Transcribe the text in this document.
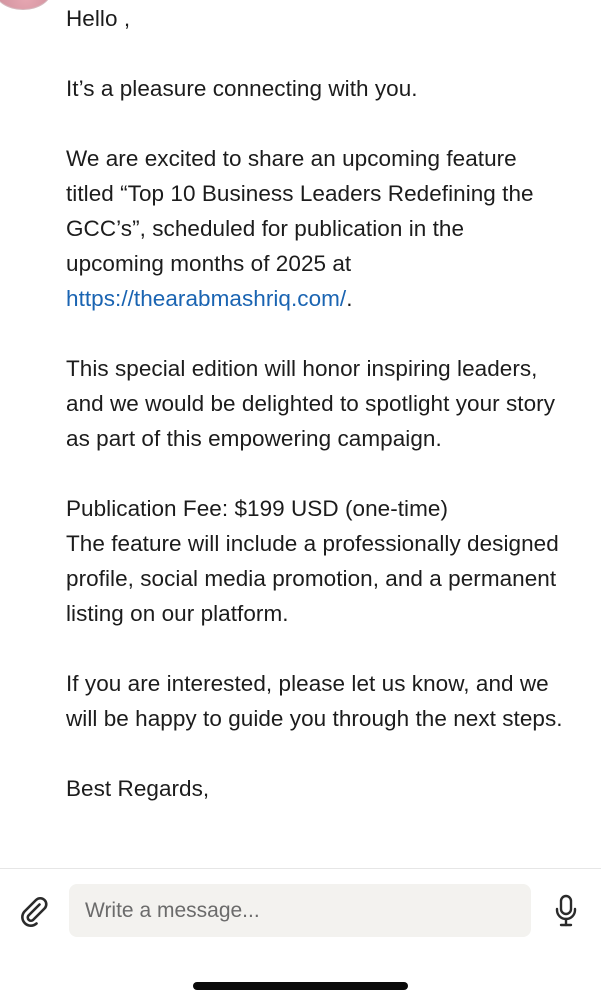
Hello ,

It’s a pleasure connecting with you.

We are excited to share an upcoming feature titled “Top 10 Business Leaders Redefining the GCC’s”, scheduled for publication in the upcoming months of 2025 at https://thearabmashriq.com/.

This special edition will honor inspiring leaders, and we would be delighted to spotlight your story as part of this empowering campaign.

Publication Fee: $199 USD (one-time)

The feature will include a professionally designed profile, social media promotion, and a permanent listing on our platform.

If you are interested, please let us know, and we will be happy to guide you through the next steps.

Best Regards,

Write a message...
